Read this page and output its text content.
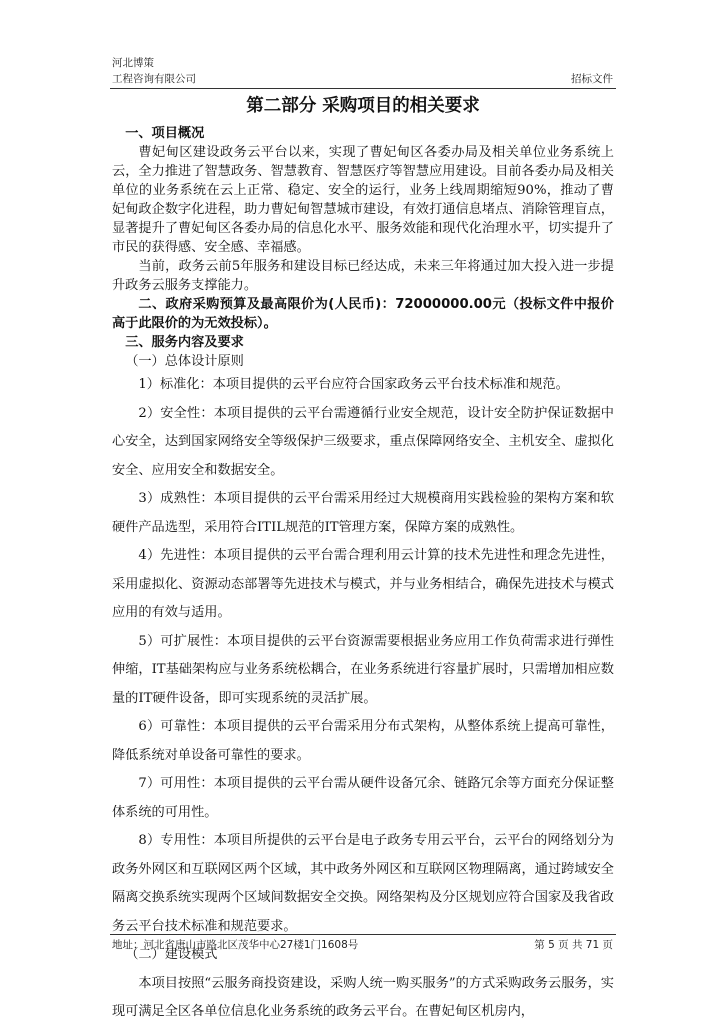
河北博策
工程咨询有限公司	招标文件
第二部分 采购项目的相关要求

一、项目概况

曹妃甸区建设政务云平台以来，实现了曹妃甸区各委办局及相关单位业务系统上云，全力推进了智慧政务、智慧教育、智慧医疗等智慧应用建设。目前各委办局及相关单位的业务系统在云上正常、稳定、安全的运行，业务上线周期缩短90%，推动了曹妃甸政企数字化进程，助力曹妃甸智慧城市建设，有效打通信息堵点、消除管理盲点，显著提升了曹妃甸区各委办局的信息化水平、服务效能和现代化治理水平，切实提升了市民的获得感、安全感、幸福感。

当前，政务云前5年服务和建设目标已经达成，未来三年将通过加大投入进一步提升政务云服务支撑能力。

二、政府采购预算及最高限价为(人民币)：72000000.00元（投标文件中报价高于此限价的为无效投标）。

三、服务内容及要求

（一）总体设计原则

1）标准化：本项目提供的云平台应符合国家政务云平台技术标准和规范。

2）安全性：本项目提供的云平台需遵循行业安全规范，设计安全防护保证数据中心安全，达到国家网络安全等级保护三级要求，重点保障网络安全、主机安全、虚拟化安全、应用安全和数据安全。

3）成熟性：本项目提供的云平台需采用经过大规模商用实践检验的架构方案和软硬件产品选型，采用符合ITIL规范的IT管理方案，保障方案的成熟性。

4）先进性：本项目提供的云平台需合理利用云计算的技术先进性和理念先进性，采用虚拟化、资源动态部署等先进技术与模式，并与业务相结合，确保先进技术与模式应用的有效与适用。

5）可扩展性：本项目提供的云平台资源需要根据业务应用工作负荷需求进行弹性伸缩，IT基础架构应与业务系统松耦合，在业务系统进行容量扩展时，只需增加相应数量的IT硬件设备，即可实现系统的灵活扩展。

6）可靠性：本项目提供的云平台需采用分布式架构，从整体系统上提高可靠性，降低系统对单设备可靠性的要求。

7）可用性：本项目提供的云平台需从硬件设备冗余、链路冗余等方面充分保证整体系统的可用性。

8）专用性：本项目所提供的云平台是电子政务专用云平台，云平台的网络划分为政务外网区和互联网区两个区域，其中政务外网区和互联网区物理隔离，通过跨域安全隔离交换系统实现两个区域间数据安全交换。网络架构及分区规划应符合国家及我省政务云平台技术标准和规范要求。

（二）建设模式

本项目按照“云服务商投资建设，采购人统一购买服务”的方式采购政务云服务，实现可满足全区各单位信息化业务系统的政务云平台。在曹妃甸区机房内，

地址：河北省唐山市路北区茂华中心27楼1门1608号	第 5 页 共 71 页
